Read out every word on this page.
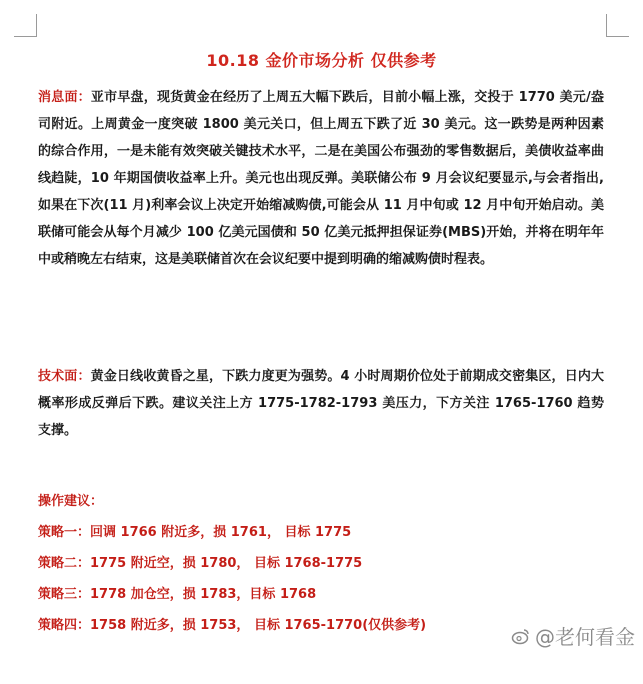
10.18 金价市场分析 仅供参考
消息面：亚市早盘，现货黄金在经历了上周五大幅下跌后，目前小幅上涨，交投于 1770 美元/盎司附近。上周黄金一度突破 1800 美元关口，但上周五下跌了近 30 美元。这一跌势是两种因素的综合作用，一是未能有效突破关键技术水平，二是在美国公布强劲的零售数据后，美债收益率曲线趋陡，10 年期国债收益率上升。美元也出现反弹。美联储公布 9 月会议纪要显示,与会者指出,如果在下次(11 月)利率会议上决定开始缩减购债,可能会从 11 月中旬或 12 月中旬开始启动。美联储可能会从每个月减少 100 亿美元国债和 50 亿美元抵押担保证券(MBS)开始，并将在明年年中或稍晚左右结束，这是美联储首次在会议纪要中提到明确的缩减购债时程表。
技术面：黄金日线收黄昏之星，下跌力度更为强势。4 小时周期价位处于前期成交密集区，日内大概率形成反弹后下跌。建议关注上方 1775-1782-1793 美压力，下方关注 1765-1760 趋势支撑。
操作建议：
策略一：回调 1766 附近多，损 1761， 目标 1775
策略二：1775 附近空，损 1780， 目标 1768-1775
策略三：1778 加仓空，损 1783，目标 1768
策略四：1758 附近多，损 1753， 目标 1765-1770(仅供参考)	@老何看金
